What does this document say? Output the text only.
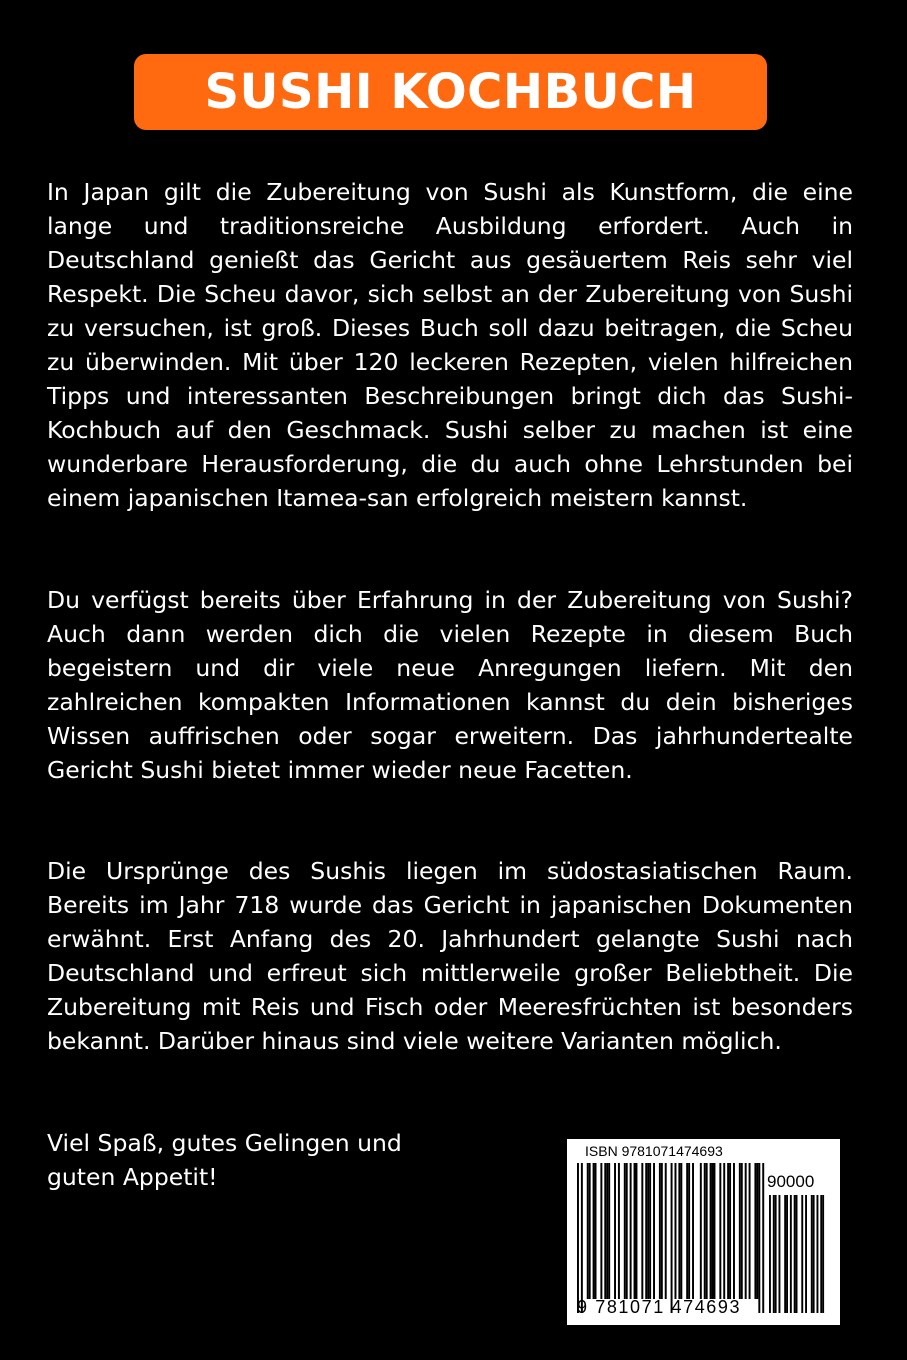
SUSHI KOCHBUCH

In Japan gilt die Zubereitung von Sushi als Kunstform, die eine lange und traditionsreiche Ausbildung erfordert. Auch in Deutschland genießt das Gericht aus gesäuertem Reis sehr viel Respekt. Die Scheu davor, sich selbst an der Zubereitung von Sushi zu versuchen, ist groß. Dieses Buch soll dazu beitragen, die Scheu zu überwinden. Mit über 120 leckeren Rezepten, vielen hilfreichen Tipps und interessanten Beschreibungen bringt dich das Sushi-Kochbuch auf den Geschmack. Sushi selber zu machen ist eine wunderbare Herausforderung, die du auch ohne Lehrstunden bei einem japanischen Itamea-san erfolgreich meistern kannst.

Du verfügst bereits über Erfahrung in der Zubereitung von Sushi? Auch dann werden dich die vielen Rezepte in diesem Buch begeistern und dir viele neue Anregungen liefern. Mit den zahlreichen kompakten Informationen kannst du dein bisheriges Wissen auffrischen oder sogar erweitern. Das jahrhundertealte Gericht Sushi bietet immer wieder neue Facetten.

Die Ursprünge des Sushis liegen im südostasiatischen Raum. Bereits im Jahr 718 wurde das Gericht in japanischen Dokumenten erwähnt. Erst Anfang des 20. Jahrhundert gelangte Sushi nach Deutschland und erfreut sich mittlerweile großer Beliebtheit. Die Zubereitung mit Reis und Fisch oder Meeresfrüchten ist besonders bekannt. Darüber hinaus sind viele weitere Varianten möglich.

Viel Spaß, gutes Gelingen und guten Appetit!

ISBN 9781071474693
90000
9 781071 474693
